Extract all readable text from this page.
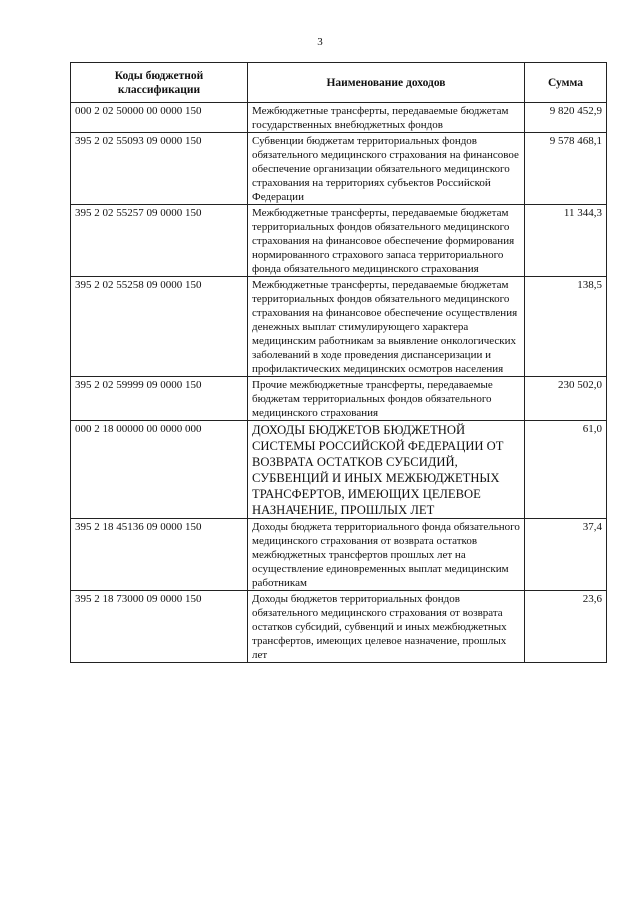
3
Коды бюджетной классификации	Наименование доходов	Сумма
000 2 02 50000 00 0000 150	Межбюджетные трансферты, передаваемые бюджетам государственных внебюджетных фондов	9 820 452,9
395 2 02 55093 09 0000 150	Субвенции бюджетам территориальных фондов обязательного медицинского страхования на финансовое обеспечение организации обязательного медицинского страхования на территориях субъектов Российской Федерации	9 578 468,1
395 2 02 55257 09 0000 150	Межбюджетные трансферты, передаваемые бюджетам территориальных фондов обязательного медицинского страхования на финансовое обеспечение формирования нормированного страхового запаса территориального фонда обязательного медицинского страхования	11 344,3
395 2 02 55258 09 0000 150	Межбюджетные трансферты, передаваемые бюджетам территориальных фондов обязательного медицинского страхования на финансовое обеспечение осуществления денежных выплат стимулирующего характера медицинским работникам за выявление онкологических заболеваний в ходе проведения диспансеризации и профилактических медицинских осмотров населения	138,5
395 2 02 59999 09 0000 150	Прочие межбюджетные трансферты, передаваемые бюджетам территориальных фондов обязательного медицинского страхования	230 502,0
000 2 18 00000 00 0000 000	ДОХОДЫ БЮДЖЕТОВ БЮДЖЕТНОЙ СИСТЕМЫ РОССИЙСКОЙ ФЕДЕРАЦИИ ОТ ВОЗВРАТА ОСТАТКОВ СУБСИДИЙ, СУБВЕНЦИЙ И ИНЫХ МЕЖБЮДЖЕТНЫХ ТРАНСФЕРТОВ, ИМЕЮЩИХ ЦЕЛЕВОЕ НАЗНАЧЕНИЕ, ПРОШЛЫХ ЛЕТ	61,0
395 2 18 45136 09 0000 150	Доходы бюджета территориального фонда обязательного медицинского страхования от возврата остатков межбюджетных трансфертов прошлых лет на осуществление единовременных выплат медицинским работникам	37,4
395 2 18 73000 09 0000 150	Доходы бюджетов территориальных фондов обязательного медицинского страхования от возврата остатков субсидий, субвенций и иных межбюджетных трансфертов, имеющих целевое назначение, прошлых лет	23,6
